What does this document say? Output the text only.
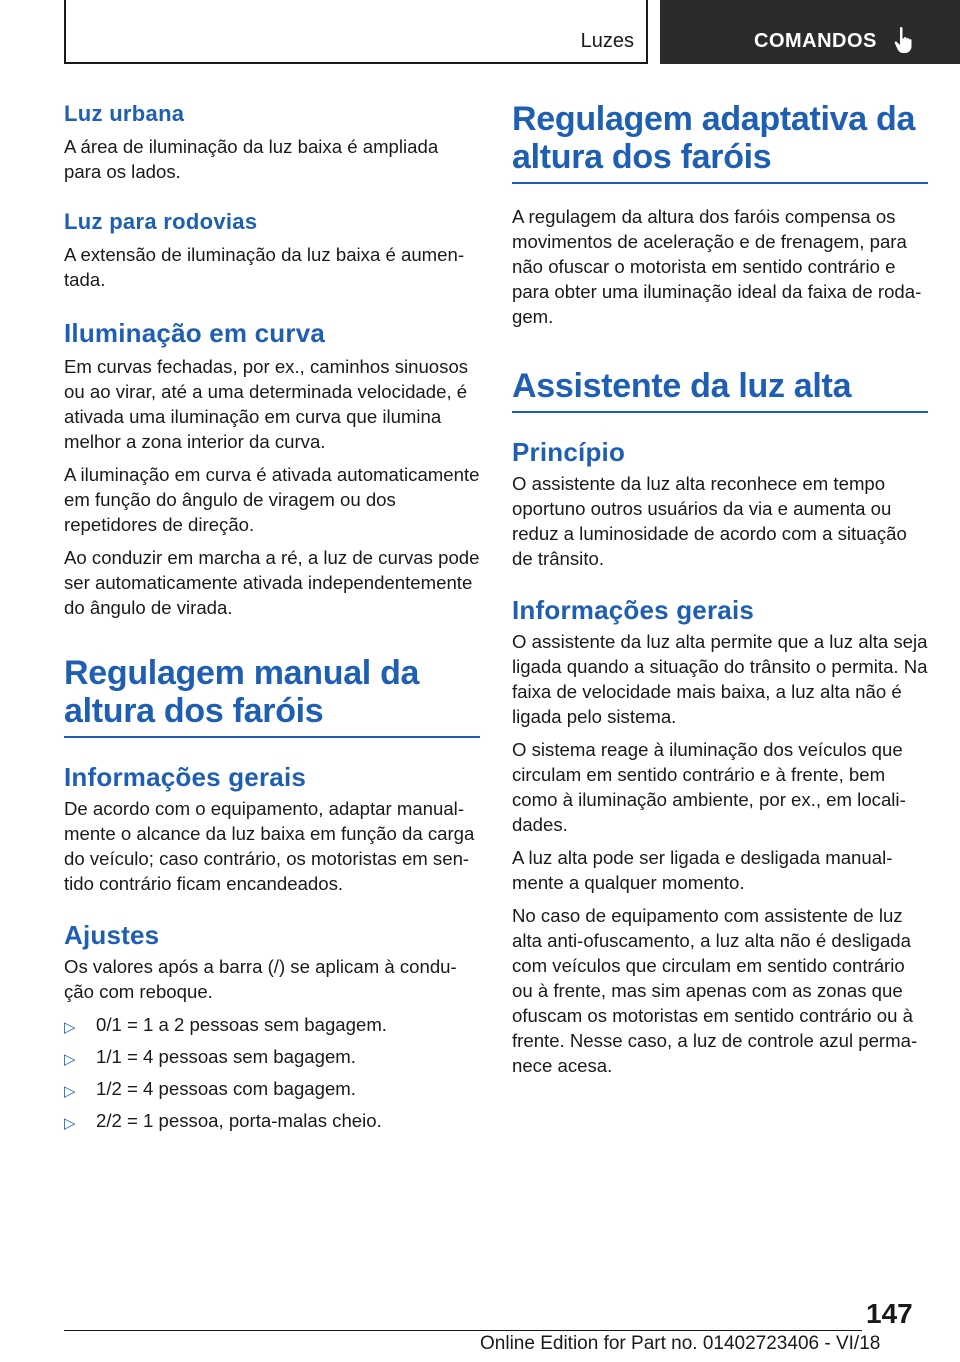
Luzes	COMANDOS
Luz urbana

A área de iluminação da luz baixa é ampliada para os lados.

Luz para rodovias

A extensão de iluminação da luz baixa é aumentada.

Iluminação em curva

Em curvas fechadas, por ex., caminhos sinuosos ou ao virar, até a uma determinada velocidade, é ativada uma iluminação em curva que ilumina melhor a zona interior da curva.

A iluminação em curva é ativada automaticamente em função do ângulo de viragem ou dos repetidores de direção.

Ao conduzir em marcha a ré, a luz de curvas pode ser automaticamente ativada independentemente do ângulo de virada.

Regulagem manual da altura dos faróis
Informações gerais

De acordo com o equipamento, adaptar manualmente o alcance da luz baixa em função da carga do veículo; caso contrário, os motoristas em sentido contrário ficam encandeados.

Ajustes

Os valores após a barra (/) se aplicam à condução com reboque.

▷ 0/1 = 1 a 2 pessoas sem bagagem.
▷ 1/1 = 4 pessoas sem bagagem.
▷ 1/2 = 4 pessoas com bagagem.
▷ 2/2 = 1 pessoa, porta-malas cheio.
Regulagem adaptativa da altura dos faróis

A regulagem da altura dos faróis compensa os movimentos de aceleração e de frenagem, para não ofuscar o motorista em sentido contrário e para obter uma iluminação ideal da faixa de rodagem.

Assistente da luz alta
Princípio

O assistente da luz alta reconhece em tempo oportuno outros usuários da via e aumenta ou reduz a luminosidade de acordo com a situação de trânsito.

Informações gerais

O assistente da luz alta permite que a luz alta seja ligada quando a situação do trânsito o permita. Na faixa de velocidade mais baixa, a luz alta não é ligada pelo sistema.

O sistema reage à iluminação dos veículos que circulam em sentido contrário e à frente, bem como à iluminação ambiente, por ex., em localidades.

A luz alta pode ser ligada e desligada manualmente a qualquer momento.

No caso de equipamento com assistente de luz alta anti-ofuscamento, a luz alta não é desligada com veículos que circulam em sentido contrário ou à frente, mas sim apenas com as zonas que ofuscam os motoristas em sentido contrário ou à frente. Nesse caso, a luz de controle azul permanece acesa.

147
Online Edition for Part no. 01402723406 - VI/18
